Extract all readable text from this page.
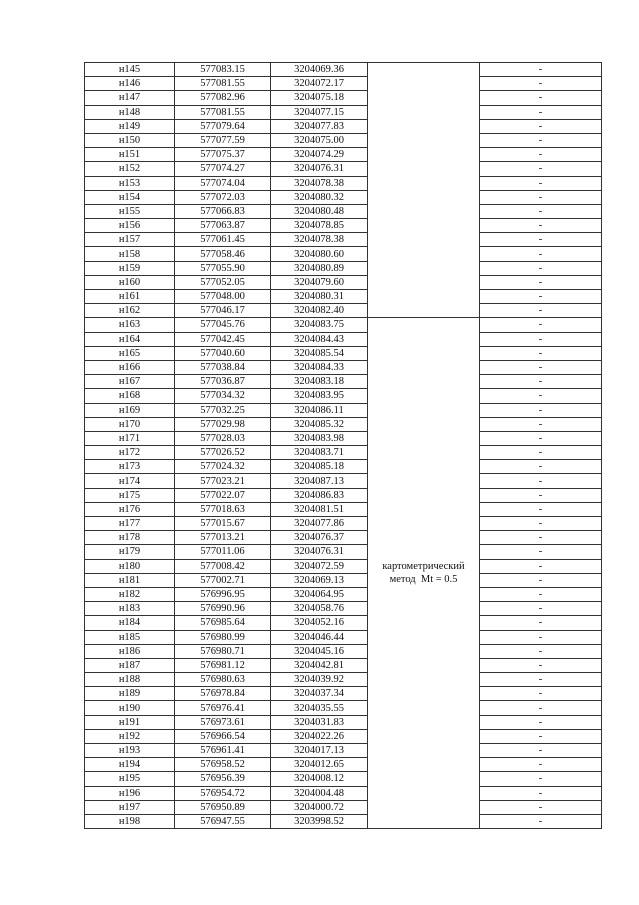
н145	577083.15	3204069.36		-
н146	577081.55	3204072.17		-
н147	577082.96	3204075.18		-
н148	577081.55	3204077.15		-
н149	577079.64	3204077.83		-
н150	577077.59	3204075.00		-
н151	577075.37	3204074.29		-
н152	577074.27	3204076.31		-
н153	577074.04	3204078.38		-
н154	577072.03	3204080.32		-
н155	577066.83	3204080.48		-
н156	577063.87	3204078.85		-
н157	577061.45	3204078.38		-
н158	577058.46	3204080.60		-
н159	577055.90	3204080.89		-
н160	577052.05	3204079.60		-
н161	577048.00	3204080.31		-
н162	577046.17	3204082.40		-
н163	577045.76	3204083.75	картометрический
метод  Mt = 0.5	-
н164	577042.45	3204084.43		-
н165	577040.60	3204085.54		-
н166	577038.84	3204084.33		-
н167	577036.87	3204083.18		-
н168	577034.32	3204083.95		-
н169	577032.25	3204086.11		-
н170	577029.98	3204085.32		-
н171	577028.03	3204083.98		-
н172	577026.52	3204083.71		-
н173	577024.32	3204085.18		-
н174	577023.21	3204087.13		-
н175	577022.07	3204086.83		-
н176	577018.63	3204081.51		-
н177	577015.67	3204077.86		-
н178	577013.21	3204076.37		-
н179	577011.06	3204076.31		-
н180	577008.42	3204072.59		-
н181	577002.71	3204069.13		-
н182	576996.95	3204064.95		-
н183	576990.96	3204058.76		-
н184	576985.64	3204052.16		-
н185	576980.99	3204046.44		-
н186	576980.71	3204045.16		-
н187	576981.12	3204042.81		-
н188	576980.63	3204039.92		-
н189	576978.84	3204037.34		-
н190	576976.41	3204035.55		-
н191	576973.61	3204031.83		-
н192	576966.54	3204022.26		-
н193	576961.41	3204017.13		-
н194	576958.52	3204012.65		-
н195	576956.39	3204008.12		-
н196	576954.72	3204004.48		-
н197	576950.89	3204000.72		-
н198	576947.55	3203998.52		-
